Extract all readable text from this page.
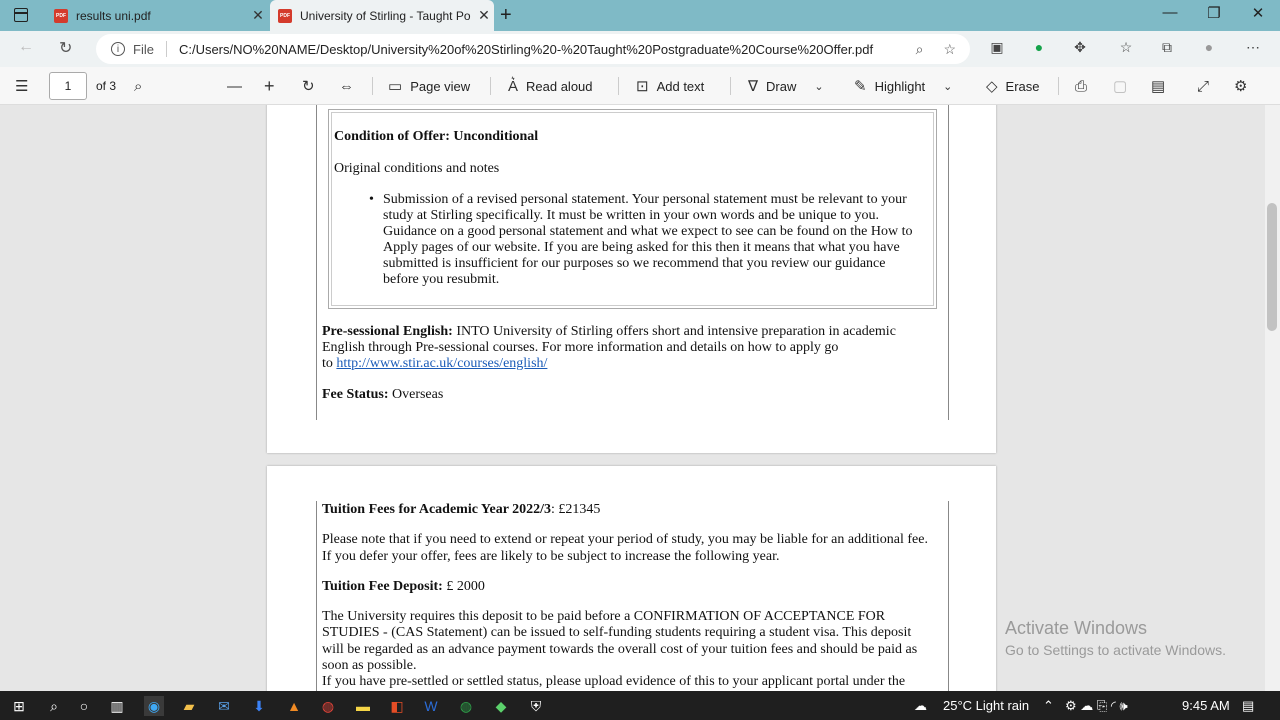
PDF results uni.pdf	✕	PDF University of Stirling - Taught Po ✕ +	—	❐	✕
← ↻	i	File C:/Users/NO%20NAME/Desktop/University%20of%20Stirling%20-%20Taught%20Postgraduate%20Course%20Offer.pdf	⌕ ☆ ▣	●	✥ ☆ ⧉	●	⋯
☰	1	of 3 ⌕	— + ↻ ⇔ ▭ Page view	A͛ Read aloud	⊡ Add text	∇ Draw ⌄ ✎ Highlight ⌄ ◇ Erase ⎙ ▢ ▤ ⤢ ⚙
Condition of Offer: Unconditional
Original conditions and notes
• Submission of a revised personal statement. Your personal statement must be relevant to your
study at Stirling specifically. It must be written in your own words and be unique to you.
Guidance on a good personal statement and what we expect to see can be found on the How to
Apply pages of our website. If you are being asked for this then it means that what you have
submitted is insufficient for our purposes so we recommend that you review our guidance
before you resubmit.
Pre-sessional English: INTO University of Stirling offers short and intensive preparation in academic
English through Pre-sessional courses. For more information and details on how to apply go
to http://www.stir.ac.uk/courses/english/
Fee Status: Overseas
Tuition Fees for Academic Year 2022/3: £21345
Please note that if you need to extend or repeat your period of study, you may be liable for an additional fee.
If you defer your offer, fees are likely to be subject to increase the following year.
Tuition Fee Deposit: £ 2000
The University requires this deposit to be paid before a CONFIRMATION OF ACCEPTANCE FOR
STUDIES - (CAS Statement) can be issued to self-funding students requiring a student visa. This deposit
will be regarded as an advance payment towards the overall cost of your tuition fees and should be paid as
soon as possible.
If you have pre-settled or settled status, please upload evidence of this to your applicant portal under the
Activate Windows
Go to Settings to activate Windows.
⊞	⌕	○	▥ ◉	▰	✉ ⬇ ▲ ◍ ▬ ◧ W ◍	◆	⛨	☁ 25°C Light rain ⌃ ⚙ ☁ ⎘ ◜ 🕪	9:45 AM ▤
